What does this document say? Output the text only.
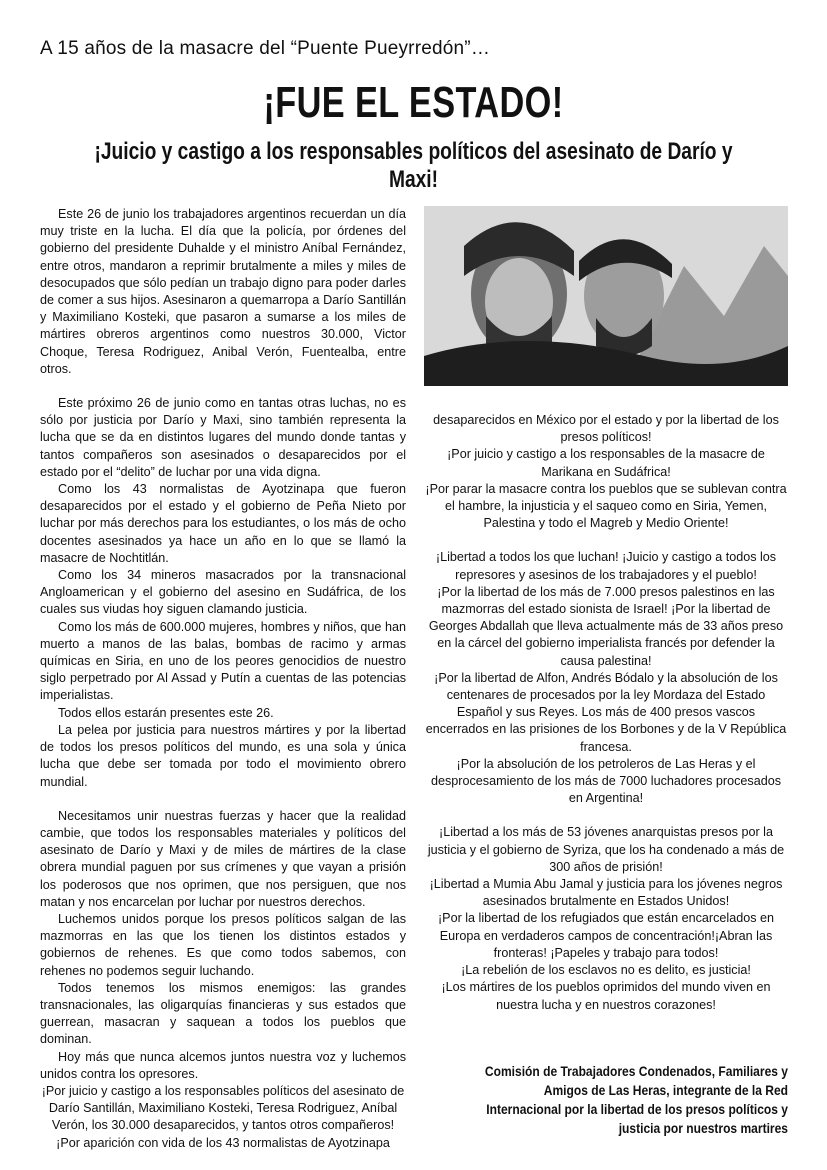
A 15 años de la masacre del “Puente Pueyrredón”…
¡FUE EL ESTADO!
¡Juicio y castigo a los responsables políticos del asesinato de Darío y Maxi!

Este 26 de junio los trabajadores argentinos recuerdan un día muy triste en la lucha. El día que la policía, por órdenes del gobierno del presidente Duhalde y el ministro Aníbal Fernández, entre otros, mandaron a reprimir brutalmente a miles y miles de desocupados que sólo pedían un trabajo digno para poder darles de comer a sus hijos. Asesinaron a quemarropa a Darío Santillán y Maximiliano Kosteki, que pasaron a sumarse a los miles de mártires obreros argentinos como nuestros 30.000, Victor Choque, Teresa Rodriguez, Anibal Verón, Fuentealba, entre otros.

Este próximo 26 de junio como en tantas otras luchas, no es sólo por justicia por Darío y Maxi, sino también representa la lucha que se da en distintos lugares del mundo donde tantas y tantos compañeros son asesinados o desaparecidos por el estado por el “delito” de luchar por una vida digna.

Como los 43 normalistas de Ayotzinapa que fueron desaparecidos por el estado y el gobierno de Peña Nieto por luchar por más derechos para los estudiantes, o los más de ocho docentes asesinados ya hace un año en lo que se llamó la masacre de Nochtitlán.

Como los 34 mineros masacrados por la transnacional Angloamerican y el gobierno del asesino en Sudáfrica, de los cuales sus viudas hoy siguen clamando justicia.

Como los más de 600.000 mujeres, hombres y niños, que han muerto a manos de las balas, bombas de racimo y armas químicas en Siria, en uno de los peores genocidios de nuestro siglo perpetrado por Al Assad y Putín a cuentas de las potencias imperialistas.

Todos ellos estarán presentes este 26.

La pelea por justicia para nuestros mártires y por la libertad de todos los presos políticos del mundo, es una sola y única lucha que debe ser tomada por todo el movimiento obrero mundial.

Necesitamos unir nuestras fuerzas y hacer que la realidad cambie, que todos los responsables materiales y políticos del asesinato de Darío y Maxi y de miles de mártires de la clase obrera mundial paguen por sus crímenes y que vayan a prisión los poderosos que nos oprimen, que nos persiguen, que nos matan y nos encarcelan por luchar por nuestros derechos.

Luchemos unidos porque los presos políticos salgan de las mazmorras en las que los tienen los distintos estados y gobiernos de rehenes. Es que como todos sabemos, con rehenes no podemos seguir luchando.

Todos tenemos los mismos enemigos: las grandes transnacionales, las oligarquías financieras y sus estados que guerrean, masacran y saquean a todos los pueblos que dominan.

Hoy más que nunca alcemos juntos nuestra voz y luchemos unidos contra los opresores.

¡Por juicio y castigo a los responsables políticos del asesinato de Darío Santillán, Maximiliano Kosteki, Teresa Rodriguez, Aníbal Verón, los 30.000 desaparecidos, y tantos otros compañeros!

¡Por aparición con vida de los 43 normalistas de Ayotzinapa

desaparecidos en México por el estado y por la libertad de los presos políticos!

¡Por juicio y castigo a los responsables de la masacre de Marikana en Sudáfrica!

¡Por parar la masacre contra los pueblos que se sublevan contra el hambre, la injusticia y el saqueo como en Siria, Yemen, Palestina y todo el Magreb y Medio Oriente!

¡Libertad a todos los que luchan! ¡Juicio y castigo a todos los represores y asesinos de los trabajadores y el pueblo!

¡Por la libertad de los más de 7.000 presos palestinos en las mazmorras del estado sionista de Israel! ¡Por la libertad de Georges Abdallah que lleva actualmente más de 33 años preso en la cárcel del gobierno imperialista francés por defender la causa palestina!

¡Por la libertad de Alfon, Andrés Bódalo y la absolución de los centenares de procesados por la ley Mordaza del Estado Español y sus Reyes. Los más de 400 presos vascos encerrados en las prisiones de los Borbones y de la V República francesa.

¡Por la absolución de los petroleros de Las Heras y el desprocesamiento de los más de 7000 luchadores procesados en Argentina!

¡Libertad a los más de 53 jóvenes anarquistas presos por la justicia y el gobierno de Syriza, que los ha condenado a más de 300 años de prisión!

¡Libertad a Mumia Abu Jamal y justicia para los jóvenes negros asesinados brutalmente en Estados Unidos!

¡Por la libertad de los refugiados que están encarcelados en Europa en verdaderos campos de concentración!¡Abran las fronteras! ¡Papeles y trabajo para todos!

¡La rebelión de los esclavos no es delito, es justicia!

¡Los mártires de los pueblos oprimidos del mundo viven en nuestra lucha y en nuestros corazones!

Comisión de Trabajadores Condenados, Familiares y Amigos de Las Heras, integrante de la Red Internacional por la libertad de los presos políticos y justicia por nuestros martires
